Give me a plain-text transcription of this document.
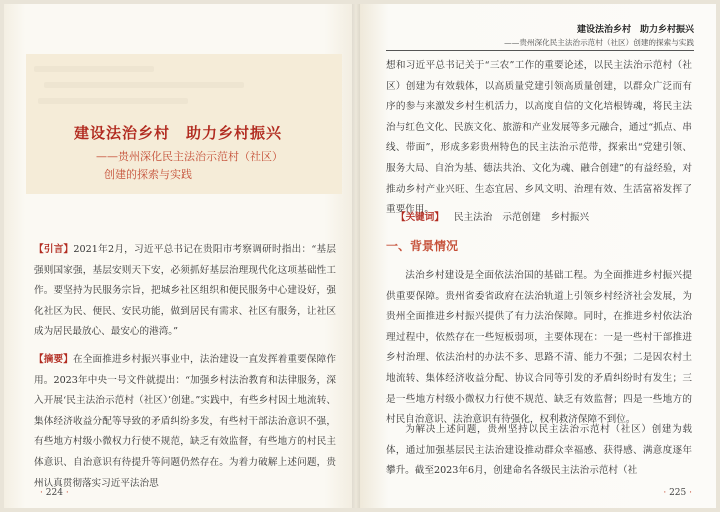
建设法治乡村　助力乡村振兴
——贵州深化民主法治示范村（社区）
创建的探索与实践
【引言】2021年2月，习近平总书记在贵阳市考察调研时指出：“基层强则国家强，基层安则天下安，必须抓好基层治理现代化这项基础性工作。要坚持为民服务宗旨，把城乡社区组织和便民服务中心建设好，强化社区为民、便民、安民功能，做到居民有需求、社区有服务，让社区成为居民最放心、最安心的港湾。”
【摘要】在全面推进乡村振兴事业中，法治建设一直发挥着重要保障作用。2023年中央一号文件就提出：“加强乡村法治教育和法律服务，深入开展‘民主法治示范村（社区）’创建。”实践中，有些乡村因土地流转、集体经济收益分配等导致的矛盾纠纷多发，有些村干部法治意识不强，有些地方村级小微权力行使不规范，缺乏有效监督，有些地方的村民主体意识、自治意识有待提升等问题仍然存在。为着力破解上述问题，贵州认真贯彻落实习近平法治思
· 224 ·
建设法治乡村　助力乡村振兴
——贵州深化民主法治示范村（社区）创建的探索与实践
想和习近平总书记关于“三农”工作的重要论述，以民主法治示范村（社区）创建为有效载体，以高质量党建引领高质量创建，以群众广泛而有序的参与来激发乡村生机活力，以高度自信的文化培根铸魂，将民主法治与红色文化、民族文化、旅游和产业发展等多元融合，通过“抓点、串线、带面”，形成多彩贵州特色的民主法治示范带，探索出“党建引领、服务大局、自治为基、德法共治、文化为魂、融合创建”的有益经验，对推动乡村产业兴旺、生态宜居、乡风文明、治理有效、生活富裕发挥了重要作用。
【关键词】 民主法治 示范创建 乡村振兴
一、背景情况
法治乡村建设是全面依法治国的基础工程。为全面推进乡村振兴提供重要保障。贵州省委省政府在法治轨道上引领乡村经济社会发展，为贵州全面推进乡村振兴提供了有力法治保障。同时，在推进乡村依法治理过程中，依然存在一些短板弱项，主要体现在：一是一些村干部推进乡村治理、依法治村的办法不多、思路不清、能力不强；二是因农村土地流转、集体经济收益分配、协议合同等引发的矛盾纠纷时有发生；三是一些地方村级小微权力行使不规范、缺乏有效监督；四是一些地方的村民自治意识、法治意识有待强化，权利救济保障不到位。
为解决上述问题，贵州坚持以民主法治示范村（社区）创建为载体，通过加强基层民主法治建设推动群众幸福感、获得感、满意度逐年攀升。截至2023年6月，创建命名各级民主法治示范村（社
· 225 ·
